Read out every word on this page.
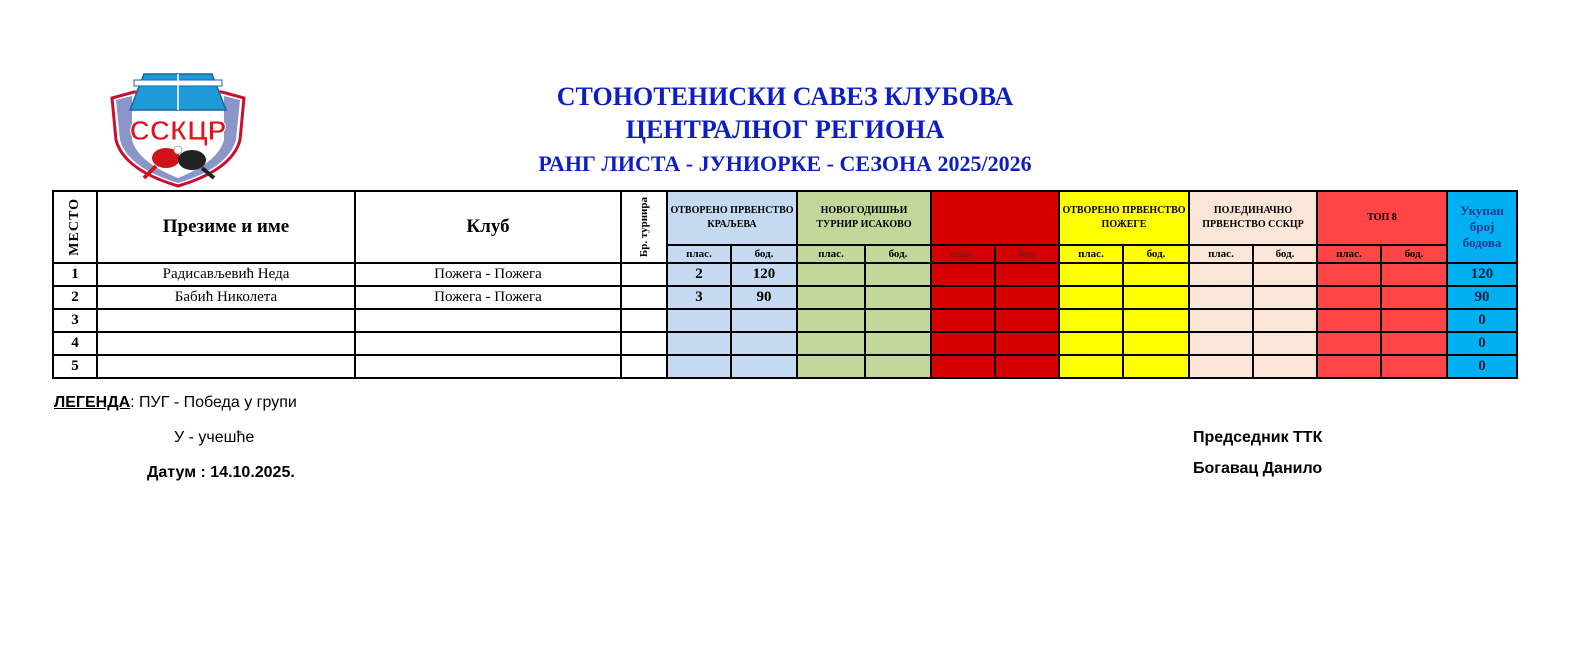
ССКЦР
СТОНОТЕНИСКИ САВЕЗ КЛУБОВА
ЦЕНТРАЛНОГ РЕГИОНА
РАНГ ЛИСТА - ЈУНИОРКЕ - СЕЗОНА 2025/2026
МЕСТО	Презиме и име	Клуб	Бр. турнира	ОТВОРЕНО ПРВЕНСТВО КРАЉЕВА		НОВОГОДИШЊИ ТУРНИР ИСАКОВО				ОТВОРЕНО ПРВЕНСТВО ПОЖЕГЕ		ПОЈЕДИНАЧНО ПРВЕНСТВО ССКЦР		ТОП 8		Укупан број бодова
				плас.	бод.	плас.	бод.	плас.	бод.	плас.	бод.	плас.	бод.	плас.	бод.	
1	Радисављевић Неда	Пожега - Пожега		2	120											120
2	Бабић Николета	Пожега - Пожега		3	90											90
3																0
4																0
5																0
ЛЕГЕНДА: ПУГ - Победа у групи
У - учешће
Датум : 14.10.2025.
Председник ТТК
Богавац Данило
